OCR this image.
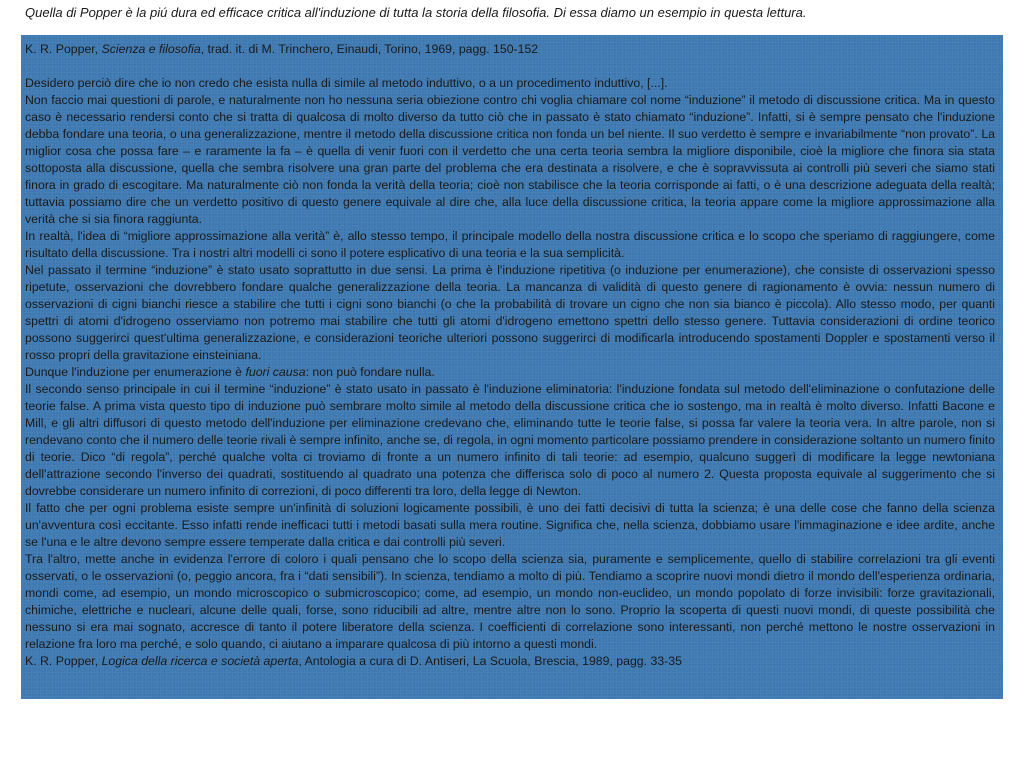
Quella di Popper è la piú dura ed efficace critica all'induzione di tutta la storia della filosofia. Di essa diamo un esempio in questa lettura.

K. R. Popper, Scienza e filosofia, trad. it. di M. Trinchero, Einaudi, Torino, 1969, pagg. 150-152

Desidero perciò dire che io non credo che esista nulla di simile al metodo induttivo, o a un procedimento induttivo, [...].

Non faccio mai questioni di parole, e naturalmente non ho nessuna seria obiezione contro chi voglia chiamare col nome “induzione” il metodo di discussione critica. Ma in questo caso è necessario rendersi conto che si tratta di qualcosa di molto diverso da tutto ciò che in passato è stato chiamato “induzione”. Infatti, si è sempre pensato che l'induzione debba fondare una teoria, o una generalizzazione, mentre il metodo della discussione critica non fonda un bel niente. Il suo verdetto è sempre e invariabilmente “non provato”. La miglior cosa che possa fare – e raramente la fa – è quella di venir fuori con il verdetto che una certa teoria sembra la migliore disponibile, cioè la migliore che finora sia stata sottoposta alla discussione, quella che sembra risolvere una gran parte del problema che era destinata a risolvere, e che è sopravvissuta ai controlli più severi che siamo stati finora in grado di escogitare. Ma naturalmente ciò non fonda la verità della teoria; cioè non stabilisce che la teoria corrisponde ai fatti, o è una descrizione adeguata della realtà; tuttavia possiamo dire che un verdetto positivo di questo genere equivale al dire che, alla luce della discussione critica, la teoria appare come la migliore approssimazione alla verità che si sia finora raggiunta.

In realtà, l'idea di “migliore approssimazione alla verità” è, allo stesso tempo, il principale modello della nostra discussione critica e lo scopo che speriamo di raggiungere, come risultato della discussione. Tra i nostri altri modelli ci sono il potere esplicativo di una teoria e la sua semplicità.

Nel passato il termine “induzione” è stato usato soprattutto in due sensi. La prima è l'induzione ripetitiva (o induzione per enumerazione), che consiste di osservazioni spesso ripetute, osservazioni che dovrebbero fondare qualche generalizzazione della teoria. La mancanza di validità di questo genere di ragionamento è ovvia: nessun numero di osservazioni di cigni bianchi riesce a stabilire che tutti i cigni sono bianchi (o che la probabilità di trovare un cigno che non sia bianco è piccola). Allo stesso modo, per quanti spettri di atomi d'idrogeno osserviamo non potremo mai stabilire che tutti gli atomi d'idrogeno emettono spettri dello stesso genere. Tuttavia considerazioni di ordine teorico possono suggerirci quest'ultima generalizzazione, e considerazioni teoriche ulteriori possono suggerirci di modificarla introducendo spostamenti Doppler e spostamenti verso il rosso propri della gravitazione einsteiniana.

Dunque l'induzione per enumerazione è fuori causa: non può fondare nulla.

Il secondo senso principale in cui il termine “induzione” è stato usato in passato è l'induzione eliminatoria: l'induzione fondata sul metodo dell'eliminazione o confutazione delle teorie false. A prima vista questo tipo di induzione può sembrare molto simile al metodo della discussione critica che io sostengo, ma in realtà è molto diverso. Infatti Bacone e Mill, e gli altri diffusori di questo metodo dell'induzione per eliminazione credevano che, eliminando tutte le teorie false, si possa far valere la teoria vera. In altre parole, non si rendevano conto che il numero delle teorie rivali è sempre infinito, anche se, di regola, in ogni momento particolare possiamo prendere in considerazione soltanto un numero finito di teorie. Dico “di regola”, perché qualche volta ci troviamo di fronte a un numero infinito di tali teorie: ad esempio, qualcuno suggerì di modificare la legge newtoniana dell'attrazione secondo l'inverso dei quadrati, sostituendo al quadrato una potenza che differisca solo di poco al numero 2. Questa proposta equivale al suggerimento che si dovrebbe considerare un numero infinito di correzioni, di poco differenti tra loro, della legge di Newton.

Il fatto che per ogni problema esiste sempre un'infinità di soluzioni logicamente possibili, è uno dei fatti decisivi di tutta la scienza; è una delle cose che fanno della scienza un'avventura così eccitante. Esso infatti rende inefficaci tutti i metodi basati sulla mera routine. Significa che, nella scienza, dobbiamo usare l'immaginazione e idee ardite, anche se l'una e le altre devono sempre essere temperate dalla critica e dai controlli più severi.

Tra l'altro, mette anche in evidenza l'errore di coloro i quali pensano che lo scopo della scienza sia, puramente e semplicemente, quello di stabilire correlazioni tra gli eventi osservati, o le osservazioni (o, peggio ancora, fra i “dati sensibili”). In scienza, tendiamo a molto di più. Tendiamo a scoprire nuovi mondi dietro il mondo dell'esperienza ordinaria, mondi come, ad esempio, un mondo microscopico o submicroscopico; come, ad esempio, un mondo non-euclideo, un mondo popolato di forze invisibili: forze gravitazionali, chimiche, elettriche e nucleari, alcune delle quali, forse, sono riducibili ad altre, mentre altre non lo sono. Proprio la scoperta di questi nuovi mondi, di queste possibilità che nessuno si era mai sognato, accresce di tanto il potere liberatore della scienza. I coefficienti di correlazione sono interessanti, non perché mettono le nostre osservazioni in relazione fra loro ma perché, e solo quando, ci aiutano a imparare qualcosa di più intorno a questi mondi.

K. R. Popper, Logica della ricerca e società aperta, Antologia a cura di D. Antiseri, La Scuola, Brescia, 1989, pagg. 33-35
